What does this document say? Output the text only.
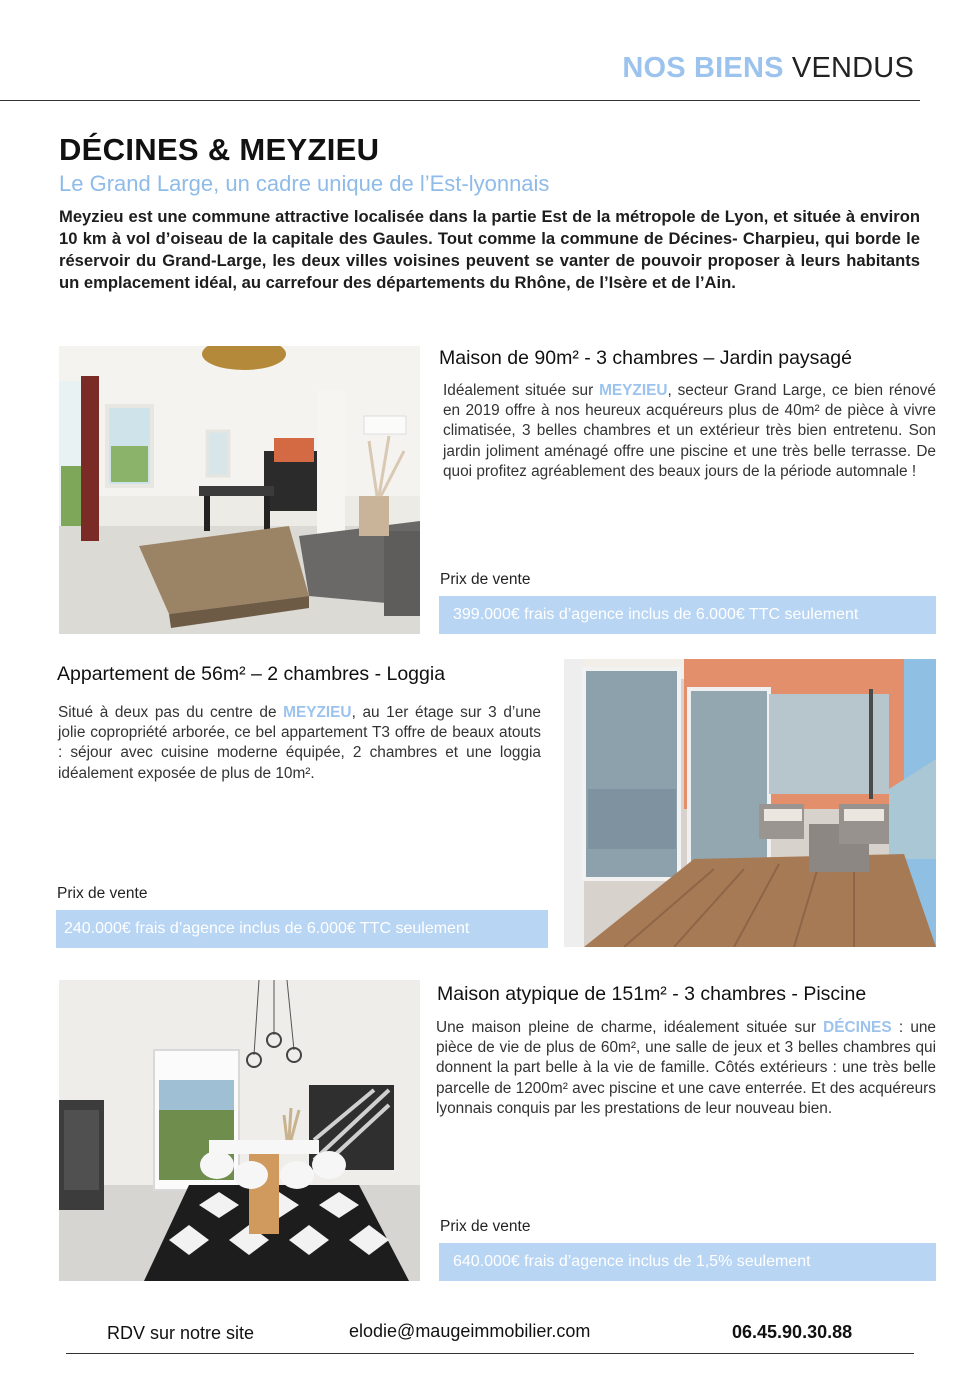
NOS BIENS VENDUS
DÉCINES & MEYZIEU
Le Grand Large, un cadre unique de l’Est-lyonnais
Meyzieu est une commune attractive localisée dans la partie Est de la métropole de Lyon, et située à environ 10 km à vol d’oiseau de la capitale des Gaules. Tout comme la commune de Décines- Charpieu, qui borde le réservoir du Grand-Large, les deux villes voisines peuvent se vanter de pouvoir proposer à leurs habitants un emplacement idéal, au carrefour des départements du Rhône, de l’Isère et de l’Ain.
Maison de 90m² - 3 chambres – Jardin paysagé
Idéalement située sur MEYZIEU, secteur Grand Large, ce bien rénové en 2019 offre à nos heureux acquéreurs plus de 40m² de pièce à vivre climatisée, 3 belles chambres et un extérieur très bien entretenu. Son jardin joliment aménagé offre une piscine et une très belle terrasse. De quoi profitez agréablement des beaux jours de la période automnale !
Prix de vente
399.000€ frais d’agence inclus de 6.000€ TTC seulement
Appartement de 56m² – 2 chambres - Loggia
Situé à deux pas du centre de MEYZIEU, au 1er étage sur 3 d’une jolie copropriété arborée, ce bel appartement T3 offre de beaux atouts : séjour avec cuisine moderne équipée, 2 chambres et une loggia idéalement exposée de plus de 10m².
Prix de vente
240.000€ frais d’agence inclus de 6.000€ TTC seulement
Maison atypique de 151m² - 3 chambres - Piscine
Une maison pleine de charme, idéalement située sur DÉCINES : une pièce de vie de plus de 60m², une salle de jeux et 3 belles chambres qui donnent la part belle à la vie de famille. Côtés extérieurs : une très belle parcelle de 1200m² avec piscine et une cave enterrée. Et des acquéreurs lyonnais conquis par les prestations de leur nouveau bien.
Prix de vente
640.000€ frais d’agence inclus de 1,5% seulement
RDV sur notre site	elodie@maugeimmobilier.com	06.45.90.30.88
